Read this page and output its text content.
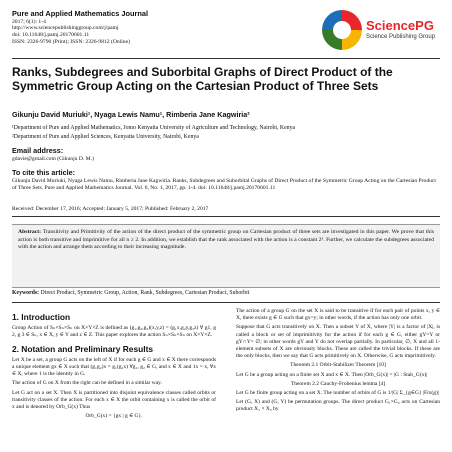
Pure and Applied Mathematics Journal
2017; 6(1): 1-4
http://www.sciencepublishinggroup.com/j/pamj
doi: 10.11648/j.pamj.20170601.11
ISSN: 2326-9790 (Print); ISSN: 2326-9812 (Online)
SciencePG
Science Publishing Group
Ranks, Subdegrees and Suborbital Graphs of Direct Product of the Symmetric Group Acting on the Cartesian Product of Three Sets
Gikunju David Muriuki¹, Nyaga Lewis Namu¹, Rimberia Jane Kagwiria²
¹Department of Pure and Applied Mathematics, Jomo Kenyatta University of Agriculture and Technology, Nairobi, Kenya
²Department of Pure and Applied Sciences, Kenyatta University, Nairobi, Kenya
Email address:
gdavie@gmail.com (Gikunju D. M.)
To cite this article:
Gikunju David Muriuki, Nyaga Lewis Namu, Rimberia Jane Kagwiria. Ranks, Subdegrees and Suborbital Graphs of Direct Product of the Symmetric Group Acting on the Cartesian Product of Three Sets. Pure and Applied Mathematics Journal. Vol. 6, No. 1, 2017, pp. 1-4. doi: 10.11648/j.pamj.20170601.11
Received: December 17, 2016; Accepted: January 5, 2017; Published: February 2, 2017
Abstract: Transitivity and Primitivity of the action of the direct product of the symmetric group on Cartesian product of three sets are investigated in this paper. We prove that this action is both transitive and imprimitive for all n ≥ 2. In addition, we establish that the rank associated with the action is a constant 2³. Further, we calculate the subdegrees associated with the action and arrange them according to their increasing magnitude.
Keywords: Direct Product, Symmetric Group, Action, Rank, Subdegrees, Cartesian Product, Suborbit
1. Introduction

Group Action of Sₙ×Sₙ×Sₙ on X×Y×Z is defined as (g₁,g₂,g₃)(x,y,z) = (g₁x,g₂y,g₃z) ∀ g1, g 2, g 3 ∈ Sₙ, x ∈ X, y ∈ Y and z ∈ Z. This paper explores the action Sₙ×Sₙ×Sₙ on X×Y×Z.

2. Notation and Preliminary Results

Let X be a set, a group G acts on the left of X if for each g ∈ G and x ∈ X there corresponds a unique element gx ∈ X such that (g₁g₂)x = g₁(g₂x) ∀g₁, g₂ ∈ G, and x ∈ X and 1x = x, ∀x ∈ X, where 1 is the identity in G.

The action of G on X from the right can be defined in a similar way.

Let G act on a set X. Then X is partitioned into disjoint equivalence classes called orbits or transitivity classes of the action. For each x ∈ X the orbit containing x is called the orbit of x and is denoted by Orb_G(x) Thus

Orb_G(x) = {gx | g ∈ G}.

The action of a group G on the set X is said to be transitive if for each pair of points x, y ∈ X, there exists g ∈ G such that gx=y; in other words, if the action has only one orbit.

Suppose that G acts transitively on X. Then a subset Y of X, where |Y| is a factor of |X|, is called a block or set of imprimitivity for the action if for each g ∈ G, either gY=Y or gY∩Y= ∅; in other words gY and Y do not overlap partially. In particular, ∅, X and all 1-element subsets of X are obviously blocks. These are called the trivial blocks. If these are the only blocks, then we say that G acts primitively on X. Otherwise, G acts imprimitively.

Theorem 2.1 Orbit-Stabilizer Theorem [10]

Let G be a group acting on a finite set X and x ∈ X. Then |Orb_G(x)| = |G : Stab_G(x)|

Theorem 2.2 Cauchy-Frobenius lemma [4]

Let G be finite group acting on a set X. The number of orbits of G is 1/|G| Σ_{g∈G} |Fix(g)|

Let (G, X) and (G, Y) be permutation groups. The direct product G₁×G₂ acts on Cartesian product X₁ × X₂ by
